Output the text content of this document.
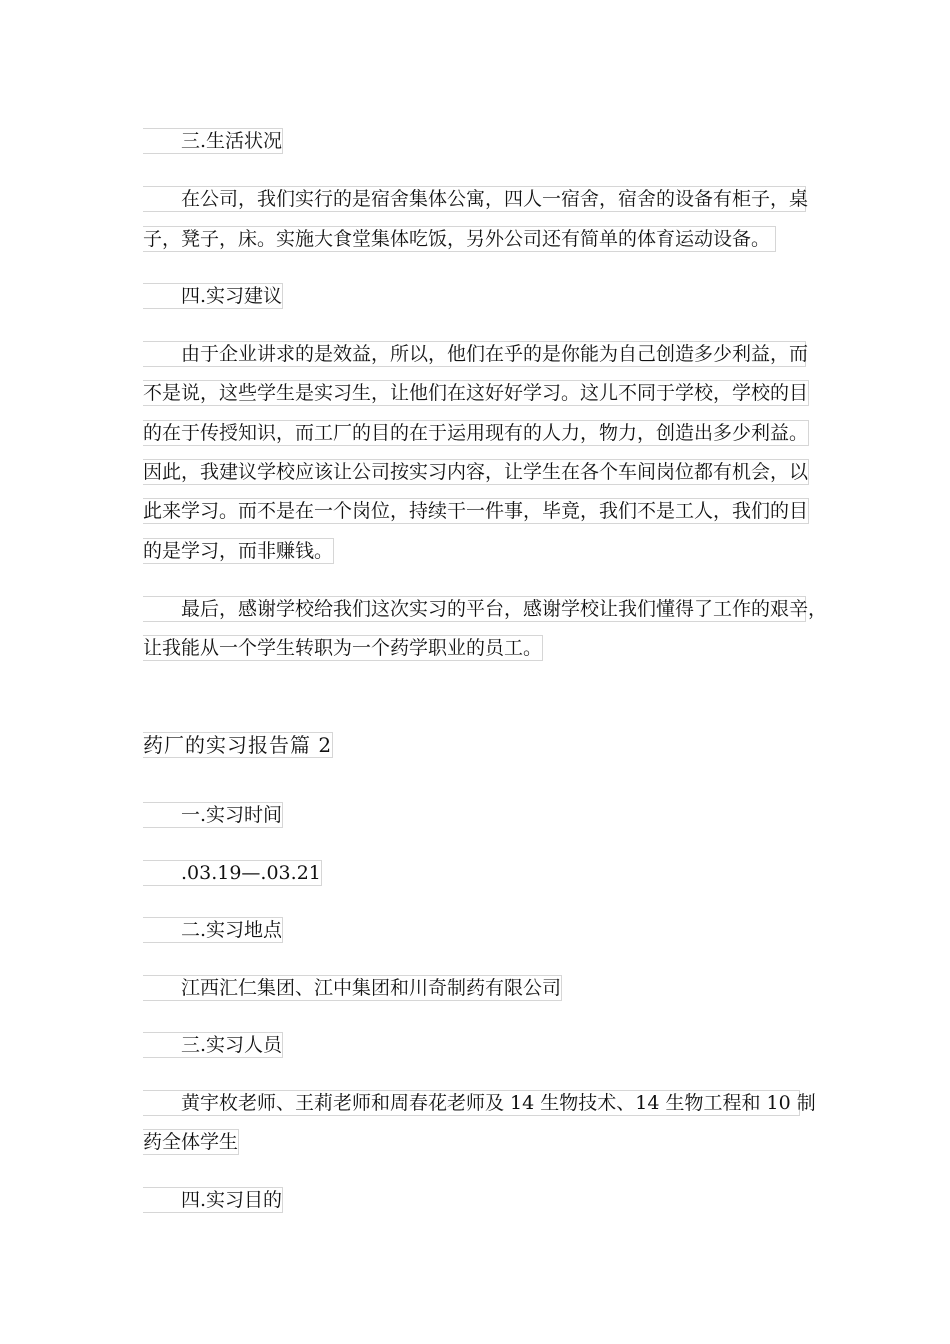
三.生活状况
在公司，我们实行的是宿舍集体公寓，四人一宿舍，宿舍的设备有柜子，桌
子，凳子，床。实施大食堂集体吃饭，另外公司还有简单的体育运动设备。
四.实习建议
由于企业讲求的是效益，所以，他们在乎的是你能为自己创造多少利益，而
不是说，这些学生是实习生，让他们在这好好学习。这儿不同于学校，学校的目
的在于传授知识，而工厂的目的在于运用现有的人力，物力，创造出多少利益。
因此，我建议学校应该让公司按实习内容，让学生在各个车间岗位都有机会，以
此来学习。而不是在一个岗位，持续干一件事，毕竟，我们不是工人，我们的目
的是学习，而非赚钱。
最后，感谢学校给我们这次实习的平台，感谢学校让我们懂得了工作的艰辛，
让我能从一个学生转职为一个药学职业的员工。
药厂的实习报告篇 2
一.实习时间
.03.19—.03.21
二.实习地点
江西汇仁集团、江中集团和川奇制药有限公司
三.实习人员
黄宇枚老师、王莉老师和周春花老师及 14 生物技术、14 生物工程和 10 制
药全体学生
四.实习目的
